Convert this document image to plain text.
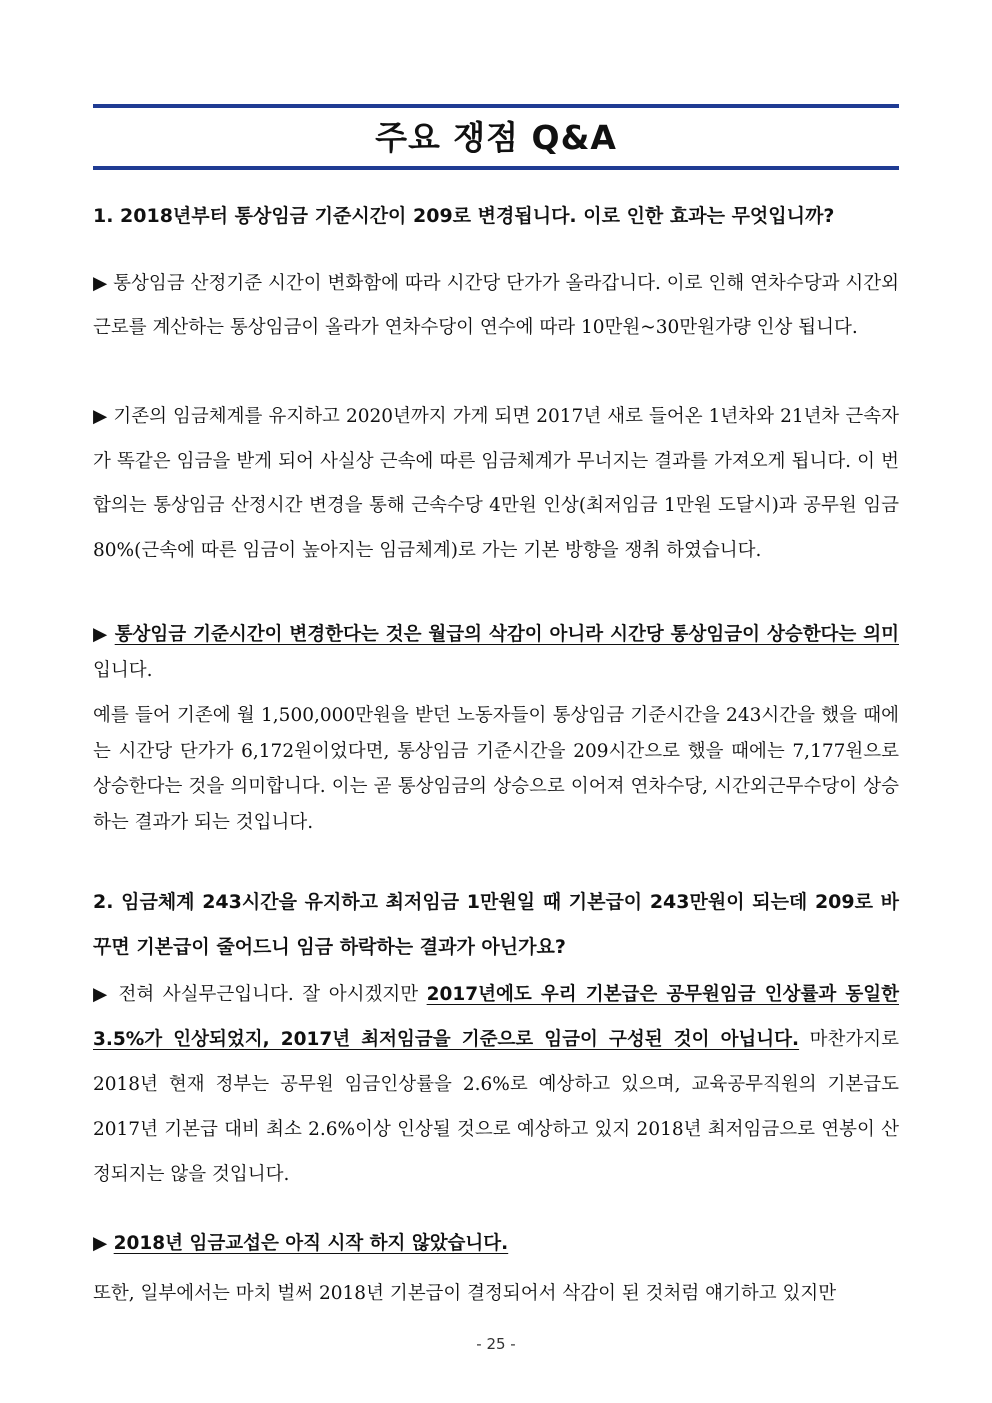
주요 쟁점 Q&A
1. 2018년부터 통상임금 기준시간이 209로 변경됩니다. 이로 인한 효과는 무엇입니까?
▶ 통상임금 산정기준 시간이 변화함에 따라 시간당 단가가 올라갑니다. 이로 인해 연차수당과 시간외근로를 계산하는 통상임금이 올라가 연차수당이 연수에 따라 10만원~30만원가량 인상 됩니다.
▶ 기존의 임금체계를 유지하고 2020년까지 가게 되면 2017년 새로 들어온 1년차와 21년차 근속자가 똑같은 임금을 받게 되어 사실상 근속에 따른 임금체계가 무너지는 결과를 가져오게 됩니다. 이 번 합의는 통상임금 산정시간 변경을 통해 근속수당 4만원 인상(최저임금 1만원 도달시)과 공무원 임금 80%(근속에 따른 임금이 높아지는 임금체계)로 가는 기본 방향을 쟁취 하였습니다.
▶ 통상임금 기준시간이 변경한다는 것은 월급의 삭감이 아니라 시간당 통상임금이 상승한다는 의미 입니다.
예를 들어 기존에 월 1,500,000만원을 받던 노동자들이 통상임금 기준시간을 243시간을 했을 때에는 시간당 단가가 6,172원이었다면, 통상임금 기준시간을 209시간으로 했을 때에는 7,177원으로 상승한다는 것을 의미합니다. 이는 곧 통상임금의 상승으로 이어져 연차수당, 시간외근무수당이 상승하는 결과가 되는 것입니다.
2. 임금체계 243시간을 유지하고 최저임금 1만원일 때 기본급이 243만원이 되는데 209로 바꾸면 기본급이 줄어드니 임금 하락하는 결과가 아닌가요?
▶ 전혀 사실무근입니다. 잘 아시겠지만 2017년에도 우리 기본급은 공무원임금 인상률과 동일한 3.5%가 인상되었지, 2017년 최저임금을 기준으로 임금이 구성된 것이 아닙니다. 마찬가지로 2018년 현재 정부는 공무원 임금인상률을 2.6%로 예상하고 있으며, 교육공무직원의 기본급도 2017년 기본급 대비 최소 2.6%이상 인상될 것으로 예상하고 있지 2018년 최저임금으로 연봉이 산정되지는 않을 것입니다.
▶ 2018년 임금교섭은 아직 시작 하지 않았습니다.
또한, 일부에서는 마치 벌써 2018년 기본급이 결정되어서 삭감이 된 것처럼 얘기하고 있지만
- 25 -
